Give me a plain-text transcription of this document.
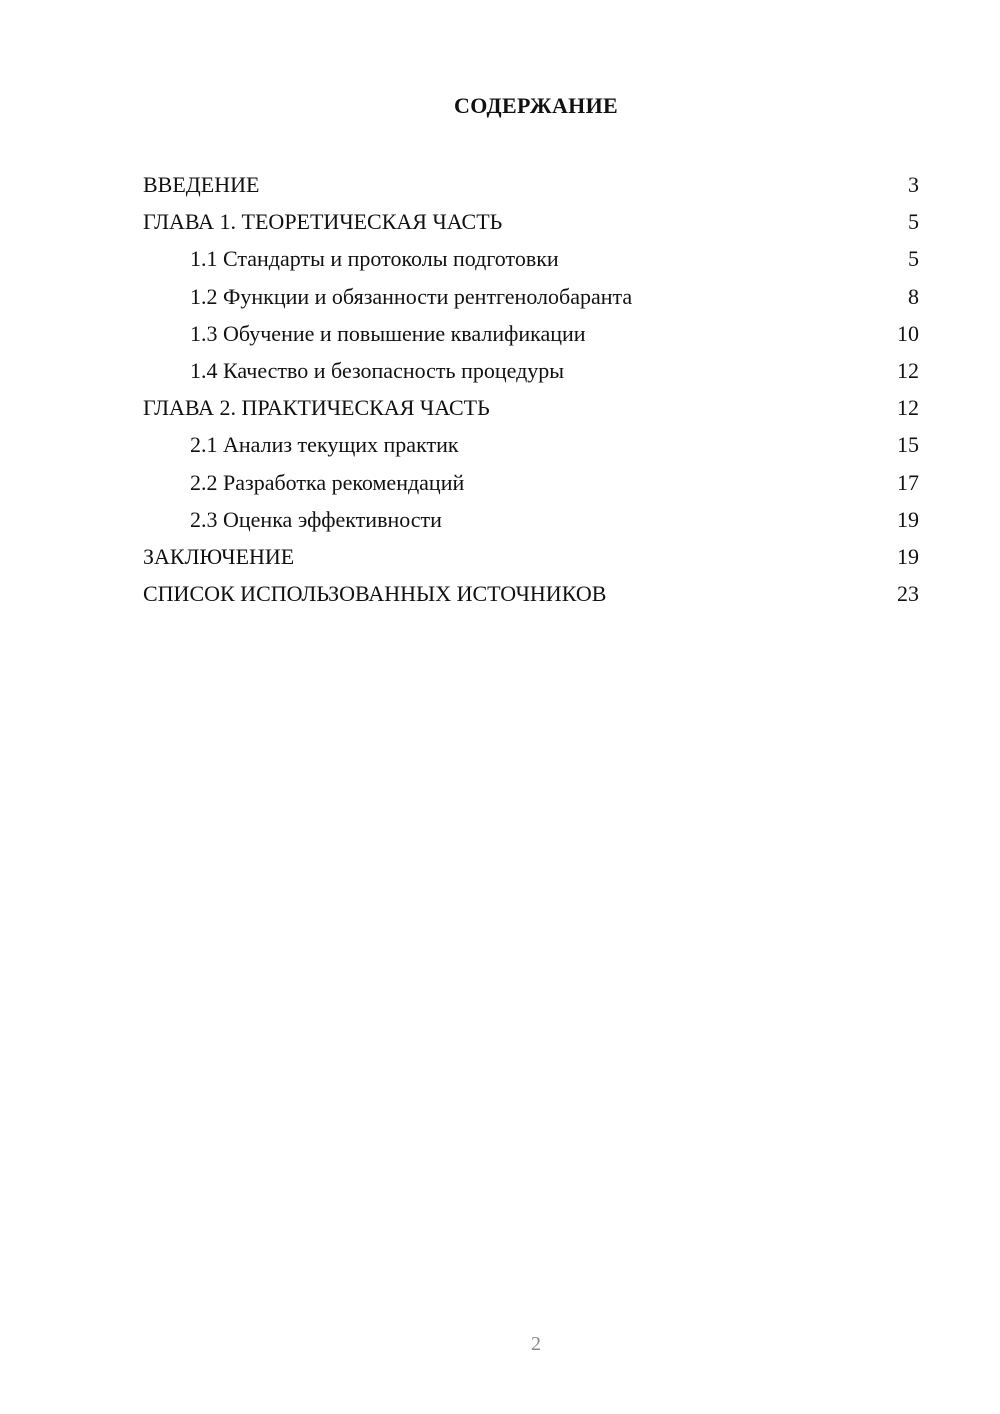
СОДЕРЖАНИЕ
ВВЕДЕНИЕ	3
ГЛАВА 1. ТЕОРЕТИЧЕСКАЯ ЧАСТЬ	5
1.1 Стандарты и протоколы подготовки	5
1.2 Функции и обязанности рентгенолобаранта	8
1.3 Обучение и повышение квалификации	10
1.4 Качество и безопасность процедуры	12
ГЛАВА 2. ПРАКТИЧЕСКАЯ ЧАСТЬ	12
2.1 Анализ текущих практик	15
2.2 Разработка рекомендаций	17
2.3 Оценка эффективности	19
ЗАКЛЮЧЕНИЕ	19
СПИСОК ИСПОЛЬЗОВАННЫХ ИСТОЧНИКОВ	23

2
